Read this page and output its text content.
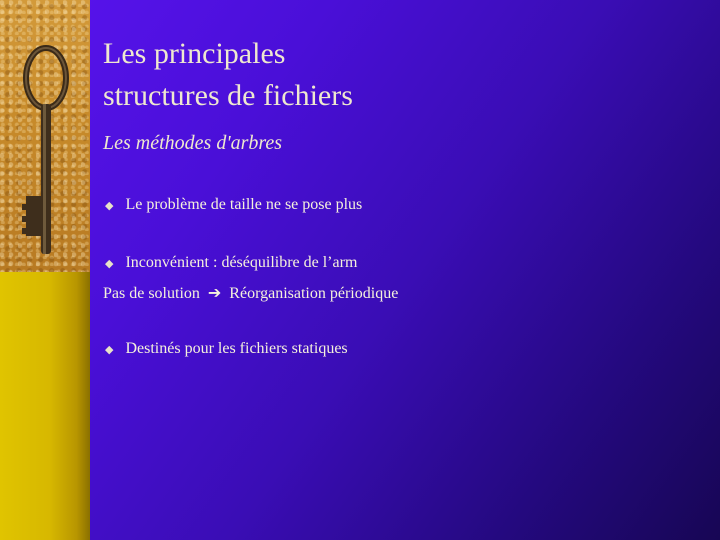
Les principales
structures de fichiers
Les méthodes d'arbres
◆ Le problème de taille ne se pose plus
◆ Inconvénient : déséquilibre de l’arm
Pas de solution ➔ Réorganisation périodique
◆ Destinés pour les fichiers statiques
